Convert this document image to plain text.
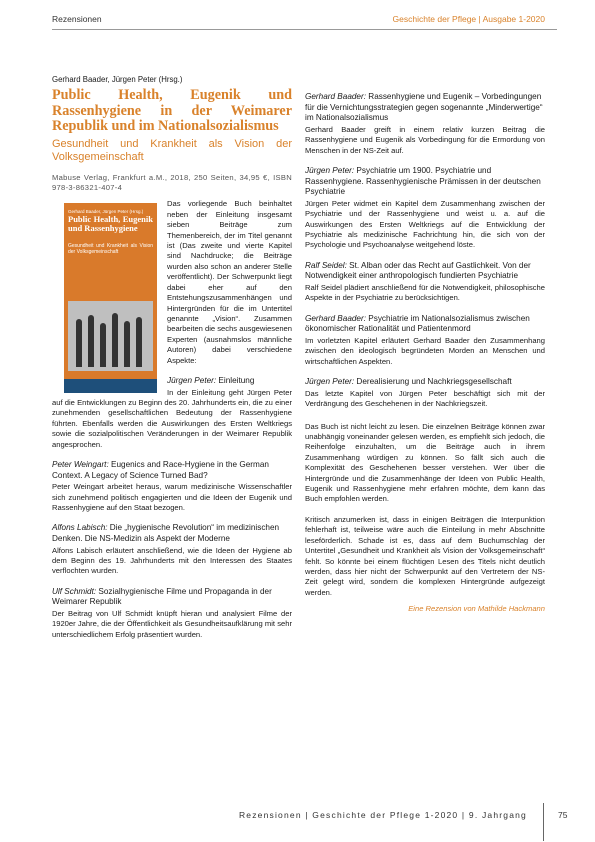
Rezensionen	Geschichte der Pflege | Ausgabe 1-2020
Gerhard Baader, Jürgen Peter (Hrsg.)
Public Health, Eugenik und Rassenhygiene in der Weimarer Republik und im Nationalsozialismus
Gesundheit und Krankheit als Vision der Volksgemeinschaft
Mabuse Verlag, Frankfurt a.M., 2018, 250 Seiten, 34,95 €, ISBN 978-3-86321-407-4
Gerhard Baader, Jürgen Peter (Hrsg.)
Public Health, Eugenik und Rassenhygiene
Gesundheit und Krankheit als Vision der Volksgemeinschaft

Das vorliegende Buch beinhaltet neben der Einleitung insgesamt sieben Beiträge zum Themenbereich, der im Titel genannt ist (Das zweite und vierte Kapitel sind Nachdrucke; die Beiträge wurden also schon an anderer Stelle veröffentlicht). Der Schwerpunkt liegt dabei eher auf den Entstehungszusammenhängen und Hintergründen für die im Untertitel genannte „Vision“. Zusammen bearbeiten die sechs ausgewiesenen Experten (ausnahmslos männliche Autoren) dabei verschiedene Aspekte:

Jürgen Peter: Einleitung

In der Einleitung geht Jürgen Peter auf die Entwicklungen zu Beginn des 20. Jahrhunderts ein, die zu einer zunehmenden gesellschaftlichen Bedeutung der Rassenhygiene führten. Ebenfalls werden die Auswirkungen des Ersten Weltkriegs sowie die sozialpolitischen Veränderungen in der Weimarer Republik angesprochen.

Peter Weingart: Eugenics and Race-Hygiene in the German Context. A Legacy of Science Turned Bad?

Peter Weingart arbeitet heraus, warum medizinische Wissenschaftler sich zunehmend politisch engagierten und die Ideen der Eugenik und Rassenhygiene auf den Staat bezogen.

Alfons Labisch: Die „hygienische Revolution“ im medizinischen Denken. Die NS-Medizin als Aspekt der Moderne

Alfons Labisch erläutert anschließend, wie die Ideen der Hygiene ab dem Beginn des 19. Jahrhunderts mit den Interessen des Staates verflochten wurden.

Ulf Schmidt: Sozialhygienische Filme und Propaganda in der Weimarer Republik

Der Beitrag von Ulf Schmidt knüpft hieran und analysiert Filme der 1920er Jahre, die der Öffentlichkeit als Gesundheitsaufklärung mit sehr unterschiedlichem Erfolg präsentiert wurden.

Gerhard Baader: Rassenhygiene und Eugenik – Vorbedingungen für die Vernichtungsstrategien gegen sogenannte „Minderwertige“ im Nationalsozialismus

Gerhard Baader greift in einem relativ kurzen Beitrag die Rassenhygiene und Eugenik als Vorbedingung für die Ermordung von Menschen in der NS-Zeit auf.

Jürgen Peter: Psychiatrie um 1900. Psychiatrie und Rassenhygiene. Rassenhygienische Prämissen in der deutschen Psychiatrie

Jürgen Peter widmet ein Kapitel dem Zusammenhang zwischen der Psychiatrie und der Rassenhygiene und weist u. a. auf die Auswirkungen des Ersten Weltkriegs auf die Entwicklung der Psychiatrie als medizinische Fachrichtung hin, die sich von der Psychologie und Psychoanalyse weitgehend löste.

Ralf Seidel: St. Alban oder das Recht auf Gastlichkeit. Von der Notwendigkeit einer anthropologisch fundierten Psychiatrie

Ralf Seidel plädiert anschließend für die Notwendigkeit, philosophische Aspekte in der Psychiatrie zu berücksichtigen.

Gerhard Baader: Psychiatrie im Nationalsozialismus zwischen ökonomischer Rationalität und Patientenmord

Im vorletzten Kapitel erläutert Gerhard Baader den Zusammenhang zwischen den ideologisch begründeten Morden an Menschen und wirtschaftlichen Aspekten.

Jürgen Peter: Derealisierung und Nachkriegsgesellschaft

Das letzte Kapitel von Jürgen Peter beschäftigt sich mit der Verdrängung des Geschehenen in der Nachkriegszeit.

Das Buch ist nicht leicht zu lesen. Die einzelnen Beiträge können zwar unabhängig voneinander gelesen werden, es empfiehlt sich jedoch, die Reihenfolge einzuhalten, um die Beiträge auch in ihrem Zusammenhang würdigen zu können. So fällt sich auch die Komplexität des Geschehenen besser verstehen. Wer über die Hintergründe und die Zusammenhänge der Ideen von Public Health, Eugenik und Rassenhygiene mehr erfahren möchte, dem kann das Buch empfohlen werden.

Kritisch anzumerken ist, dass in einigen Beiträgen die Interpunktion fehlerhaft ist, teilweise wäre auch die Einteilung in mehr Abschnitte leseförderlich. Schade ist es, dass auf dem Buchumschlag der Untertitel „Gesundheit und Krankheit als Vision der Volksgemeinschaft“ fehlt. So könnte bei einem flüchtigen Lesen des Titels nicht deutlich werden, dass hier nicht der Schwerpunkt auf den Vertretern der NS-Zeit gelegt wird, sondern die komplexen Hintergründe aufgezeigt werden.

Eine Rezension von Mathilde Hackmann
Rezensionen | Geschichte der Pflege 1-2020 | 9. Jahrgang	75
